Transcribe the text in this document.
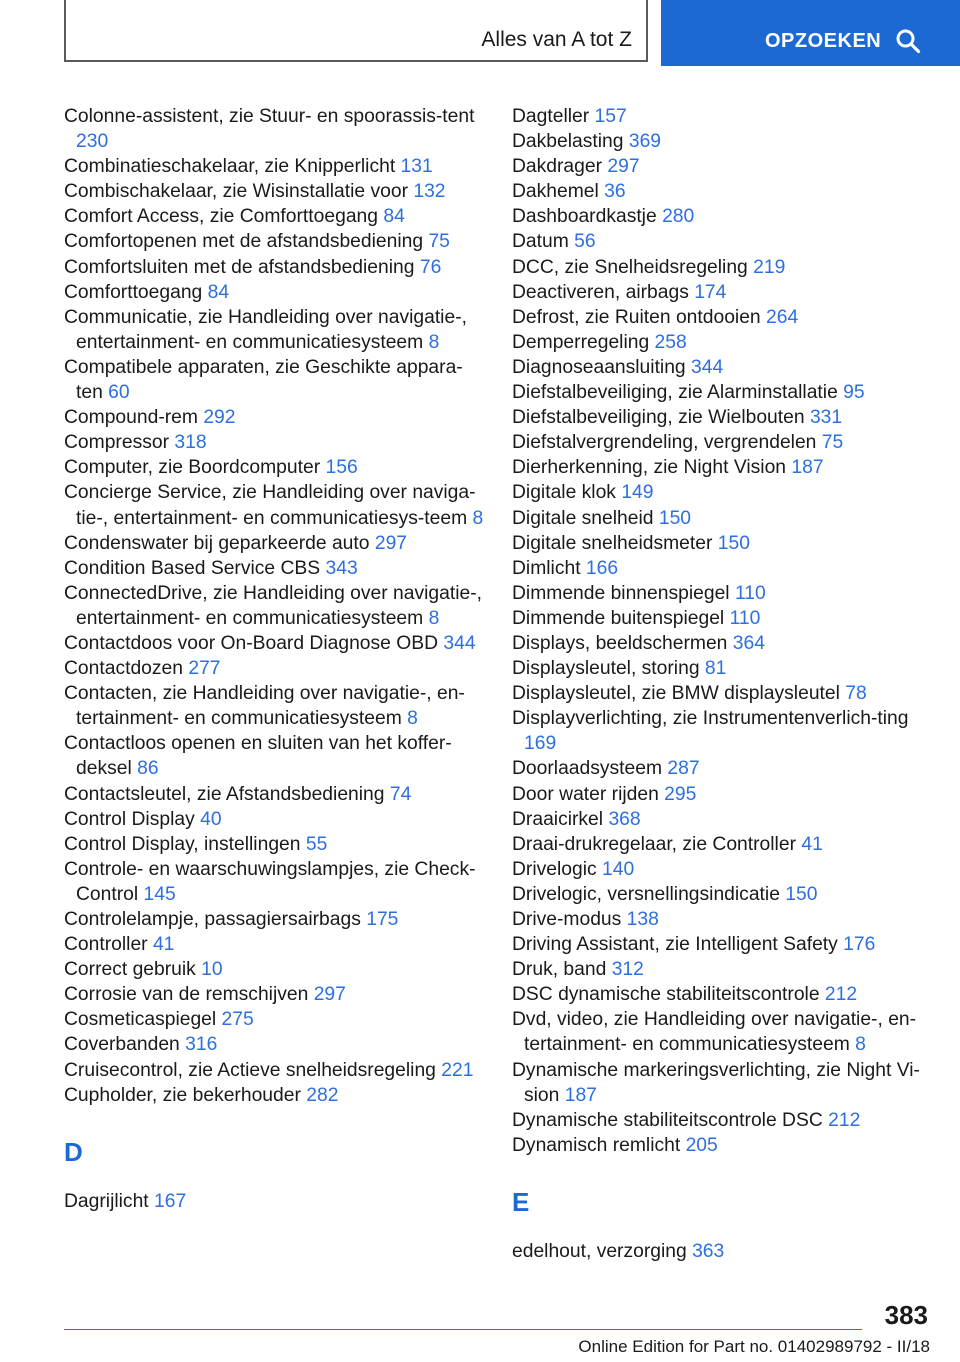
Alles van A tot Z	OPZOEKEN
Colonne-assistent, zie Stuur- en spoorassis‐tent 230
Combinatieschakelaar, zie Knipperlicht 131
Combischakelaar, zie Wisinstallatie voor 132
Comfort Access, zie Comforttoegang 84
Comfortopenen met de afstandsbediening 75
Comfortsluiten met de afstandsbediening 76
Comforttoegang 84
Communicatie, zie Handleiding over navigatie-, entertainment- en communicatiesysteem 8
Compatibele apparaten, zie Geschikte appara‐ten 60
Compound-rem 292
Compressor 318
Computer, zie Boordcomputer 156
Concierge Service, zie Handleiding over naviga‐tie-, entertainment- en communicatiesys‐teem 8
Condenswater bij geparkeerde auto 297
Condition Based Service CBS 343
ConnectedDrive, zie Handleiding over navigatie-, entertainment- en communicatiesysteem 8
Contactdoos voor On-Board Diagnose OBD 344
Contactdozen 277
Contacten, zie Handleiding over navigatie-, en‐tertainment- en communicatiesysteem 8
Contactloos openen en sluiten van het koffer‐deksel 86
Contactsleutel, zie Afstandsbediening 74
Control Display 40
Control Display, instellingen 55
Controle- en waarschuwingslampjes, zie Check-Control 145
Controlelampje, passagiersairbags 175
Controller 41
Correct gebruik 10
Corrosie van de remschijven 297
Cosmeticaspiegel 275
Coverbanden 316
Cruisecontrol, zie Actieve snelheidsregeling 221
Cupholder, zie bekerhouder 282
D
Dagrijlicht 167
Dagteller 157
Dakbelasting 369
Dakdrager 297
Dakhemel 36
Dashboardkastje 280
Datum 56
DCC, zie Snelheidsregeling 219
Deactiveren, airbags 174
Defrost, zie Ruiten ontdooien 264
Demperregeling 258
Diagnoseaansluiting 344
Diefstalbeveiliging, zie Alarminstallatie 95
Diefstalbeveiliging, zie Wielbouten 331
Diefstalvergrendeling, vergrendelen 75
Dierherkenning, zie Night Vision 187
Digitale klok 149
Digitale snelheid 150
Digitale snelheidsmeter 150
Dimlicht 166
Dimmende binnenspiegel 110
Dimmende buitenspiegel 110
Displays, beeldschermen 364
Displaysleutel, storing 81
Displaysleutel, zie BMW displaysleutel 78
Displayverlichting, zie Instrumentenverlich‐ting 169
Doorlaadsysteem 287
Door water rijden 295
Draaicirkel 368
Draai-drukregelaar, zie Controller 41
Drivelogic 140
Drivelogic, versnellingsindicatie 150
Drive-modus 138
Driving Assistant, zie Intelligent Safety 176
Druk, band 312
DSC dynamische stabiliteitscontrole 212
Dvd, video, zie Handleiding over navigatie-, en‐tertainment- en communicatiesysteem 8
Dynamische markeringsverlichting, zie Night Vi‐sion 187
Dynamische stabiliteitscontrole DSC 212
Dynamisch remlicht 205
E
edelhout, verzorging 363
383
Online Edition for Part no. 01402989792 - II/18
